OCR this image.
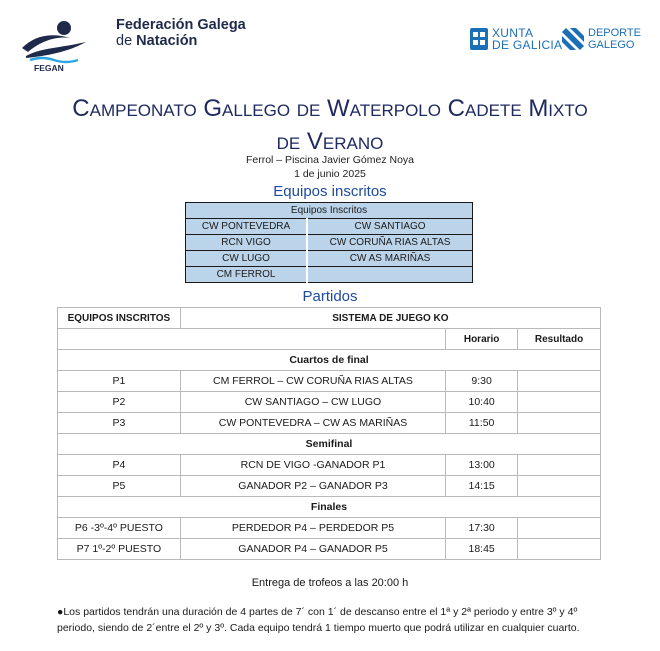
FEGAN
Federación Galega
de Natación	XUNTA
DE GALICIA
DEPORTE
GALEGO
Campeonato Gallego de Waterpolo Cadete Mixto
de Verano
Ferrol – Piscina Javier Gómez Noya
1 de junio 2025
Equipos inscritos
Equipos Inscritos	
CW PONTEVEDRA	CW SANTIAGO
RCN VIGO	CW CORUÑA RIAS ALTAS
CW LUGO	CW AS MARIÑAS
CM FERROL	
Partidos
EQUIPOS INSCRITOS	SISTEMA DE JUEGO KO		
		Horario	Resultado
Cuartos de final			
P1	CM FERROL – CW CORUÑA RIAS ALTAS	9:30	
P2	CW SANTIAGO – CW LUGO	10:40	
P3	CW PONTEVEDRA – CW AS MARIÑAS	11:50	
Semifinal			
P4	RCN DE VIGO -GANADOR P1	13:00	
P5	GANADOR P2 – GANADOR P3	14:15	
Finales			
P6 -3º-4º PUESTO	PERDEDOR P4 – PERDEDOR P5	17:30	
P7 1º-2º PUESTO	GANADOR P4 – GANADOR P5	18:45	
Entrega de trofeos a las 20:00 h
●Los partidos tendrán una duración de 4 partes de 7´ con 1´ de descanso entre el 1ª y 2ª periodo y entre 3º y 4º periodo, siendo de 2´entre el 2º y 3º. Cada equipo tendrá 1 tiempo muerto que podrá utilizar en cualquier cuarto.
